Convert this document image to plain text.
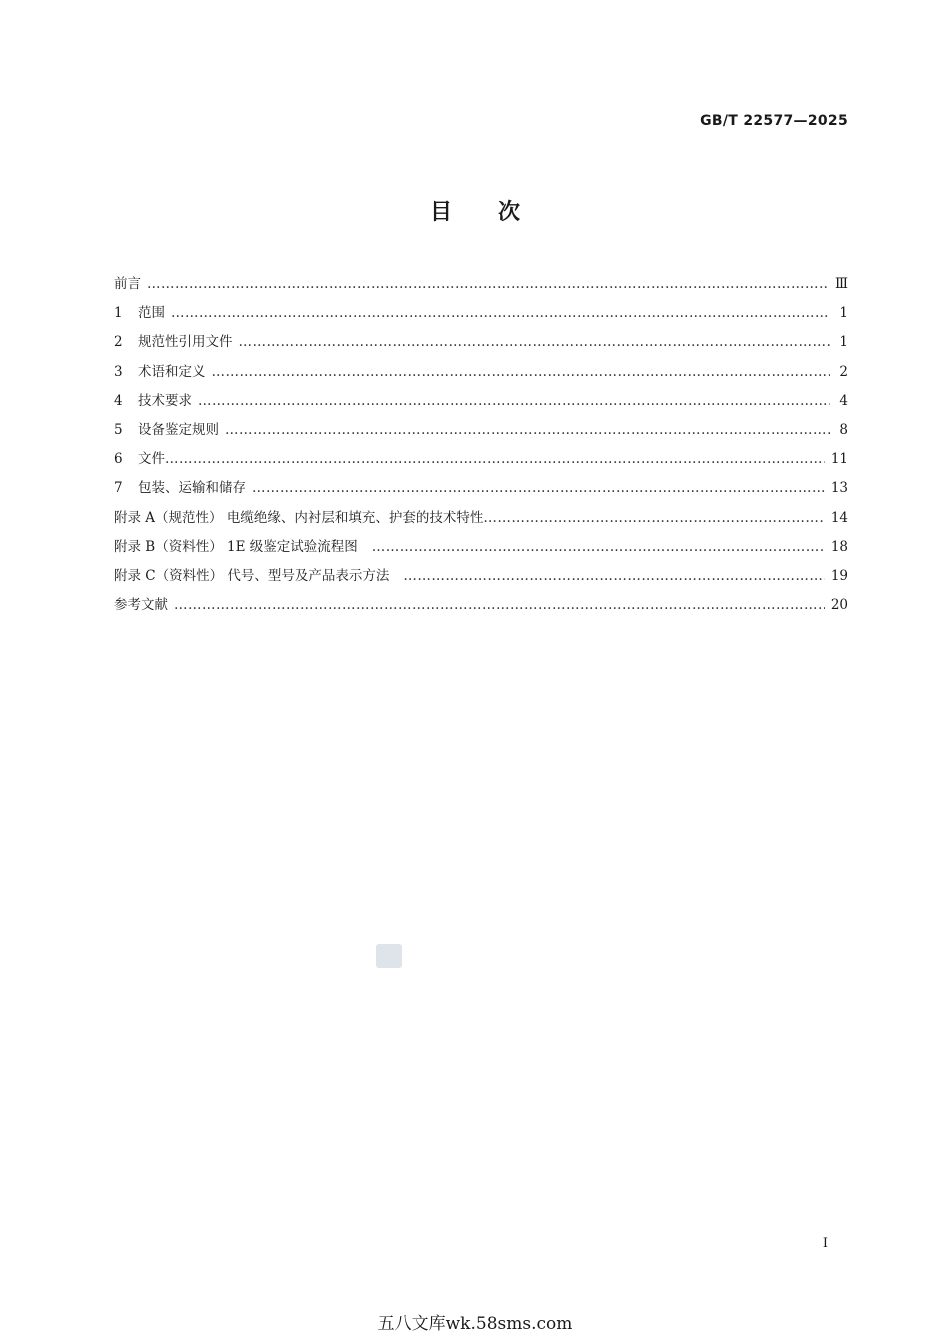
GB/T 22577—2025
目次
前言 ……………………………………………………………………………………………………………………………………………………………………………………………	Ⅲ
1 范围 ……………………………………………………………………………………………………………………………………………………………………………………………	1
2 规范性引用文件 ……………………………………………………………………………………………………………………………………………………………………………………………	1
3 术语和定义 ……………………………………………………………………………………………………………………………………………………………………………………………	2
4 技术要求 ……………………………………………………………………………………………………………………………………………………………………………………………	4
5 设备鉴定规则 ……………………………………………………………………………………………………………………………………………………………………………………………	8
6 文件 ……………………………………………………………………………………………………………………………………………………………………………………………	11
7 包装、运输和储存 ……………………………………………………………………………………………………………………………………………………………………………………………	13
附录 A（规范性） 电缆绝缘、内衬层和填充、护套的技术特性 ……………………………………………………………………………………………………………………………………………………………………………………………	14
附录 B（资料性） 1E 级鉴定试验流程图 ……………………………………………………………………………………………………………………………………………………………………………………………	18
附录 C（资料性） 代号、型号及产品表示方法 ……………………………………………………………………………………………………………………………………………………………………………………………	19
参考文献 ……………………………………………………………………………………………………………………………………………………………………………………………	20
I
五八文库wk.58sms.com
